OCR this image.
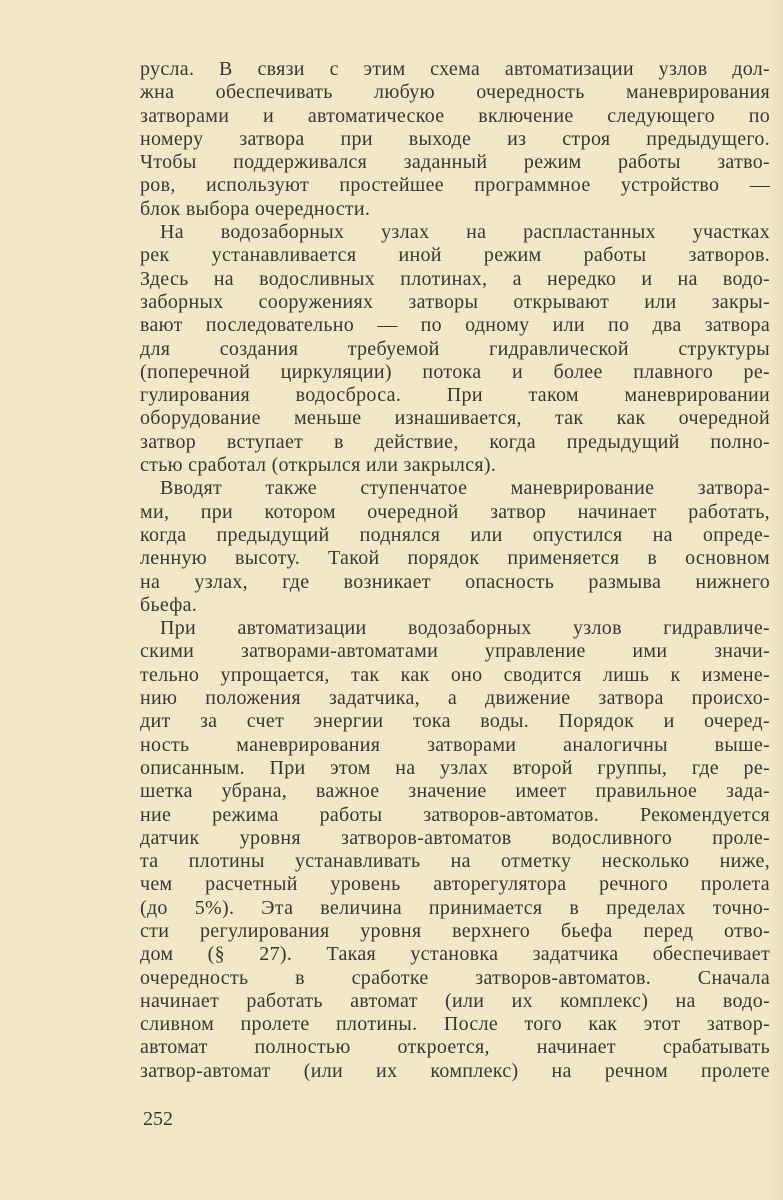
русла. В связи с этим схема автоматизации узлов дол-
жна обеспечивать любую очередность маневрирования
затворами и автоматическое включение следующего по
номеру затвора при выходе из строя предыдущего.
Чтобы поддерживался заданный режим работы затво-
ров, используют простейшее программное устройство —
блок выбора очередности.
На водозаборных узлах на распластанных участках
рек устанавливается иной режим работы затворов.
Здесь на водосливных плотинах, а нередко и на водо-
заборных сооружениях затворы открывают или закры-
вают последовательно — по одному или по два затвора
для создания требуемой гидравлической структуры
(поперечной циркуляции) потока и более плавного ре-
гулирования водосброса. При таком маневрировании
оборудование меньше изнашивается, так как очередной
затвор вступает в действие, когда предыдущий полно-
стью сработал (открылся или закрылся).
Вводят также ступенчатое маневрирование затвора-
ми, при котором очередной затвор начинает работать,
когда предыдущий поднялся или опустился на опреде-
ленную высоту. Такой порядок применяется в основном
на узлах, где возникает опасность размыва нижнего
бьефа.
При автоматизации водозаборных узлов гидравличе-
скими затворами-автоматами управление ими значи-
тельно упрощается, так как оно сводится лишь к измене-
нию положения задатчика, а движение затвора происхо-
дит за счет энергии тока воды. Порядок и очеред-
ность маневрирования затворами аналогичны выше-
описанным. При этом на узлах второй группы, где ре-
шетка убрана, важное значение имеет правильное зада-
ние режима работы затворов-автоматов. Рекомендуется
датчик уровня затворов-автоматов водосливного проле-
та плотины устанавливать на отметку несколько ниже,
чем расчетный уровень авторегулятора речного пролета
(до 5%). Эта величина принимается в пределах точно-
сти регулирования уровня верхнего бьефа перед отво-
дом (§ 27). Такая установка задатчика обеспечивает
очередность в сработке затворов-автоматов. Сначала
начинает работать автомат (или их комплекс) на водо-
сливном пролете плотины. После того как этот затвор-
автомат полностью откроется, начинает срабатывать
затвор-автомат (или их комплекс) на речном пролете
252
